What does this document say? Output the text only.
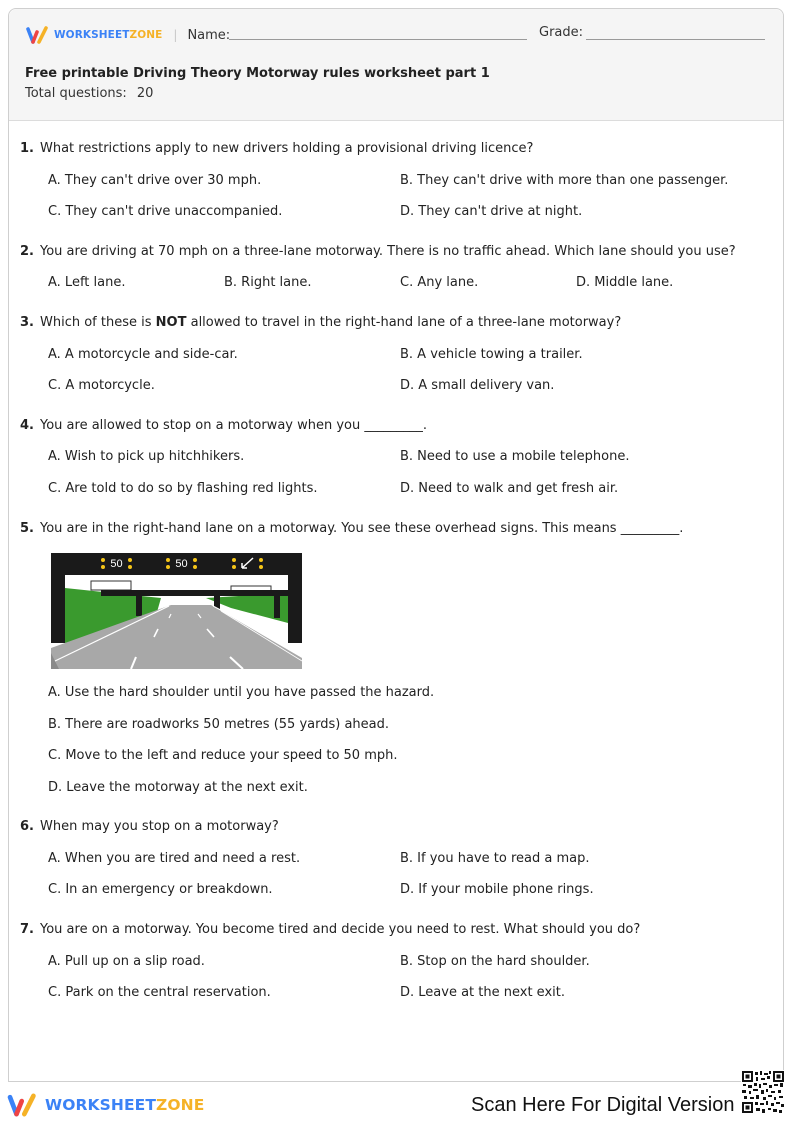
WORKSHEETZONE | Name:	Grade:
Free printable Driving Theory Motorway rules worksheet part 1
Total questions: 20
1. What restrictions apply to new drivers holding a provisional driving licence?
A. They can't drive over 30 mph.	B. They can't drive with more than one passenger.
C. They can't drive unaccompanied.	D. They can't drive at night.
2. You are driving at 70 mph on a three-lane motorway. There is no traffic ahead. Which lane should you use?
A. Left lane.	B. Right lane.	C. Any lane.	D. Middle lane.
3. Which of these is NOT allowed to travel in the right-hand lane of a three-lane motorway?
A. A motorcycle and side-car.	B. A vehicle towing a trailer.
C. A motorcycle.	D. A small delivery van.
4. You are allowed to stop on a motorway when you _________.
A. Wish to pick up hitchhikers.	B. Need to use a mobile telephone.
C. Are told to do so by flashing red lights.	D. Need to walk and get fresh air.
5. You are in the right-hand lane on a motorway. You see these overhead signs. This means _________.
50	50
A. Use the hard shoulder until you have passed the hazard.
B. There are roadworks 50 metres (55 yards) ahead.
C. Move to the left and reduce your speed to 50 mph.
D. Leave the motorway at the next exit.
6. When may you stop on a motorway?
A. When you are tired and need a rest.	B. If you have to read a map.
C. In an emergency or breakdown.	D. If your mobile phone rings.
7. You are on a motorway. You become tired and decide you need to rest. What should you do?
A. Pull up on a slip road.	B. Stop on the hard shoulder.
C. Park on the central reservation.	D. Leave at the next exit.
WORKSHEETZONE	Scan Here For Digital Version
